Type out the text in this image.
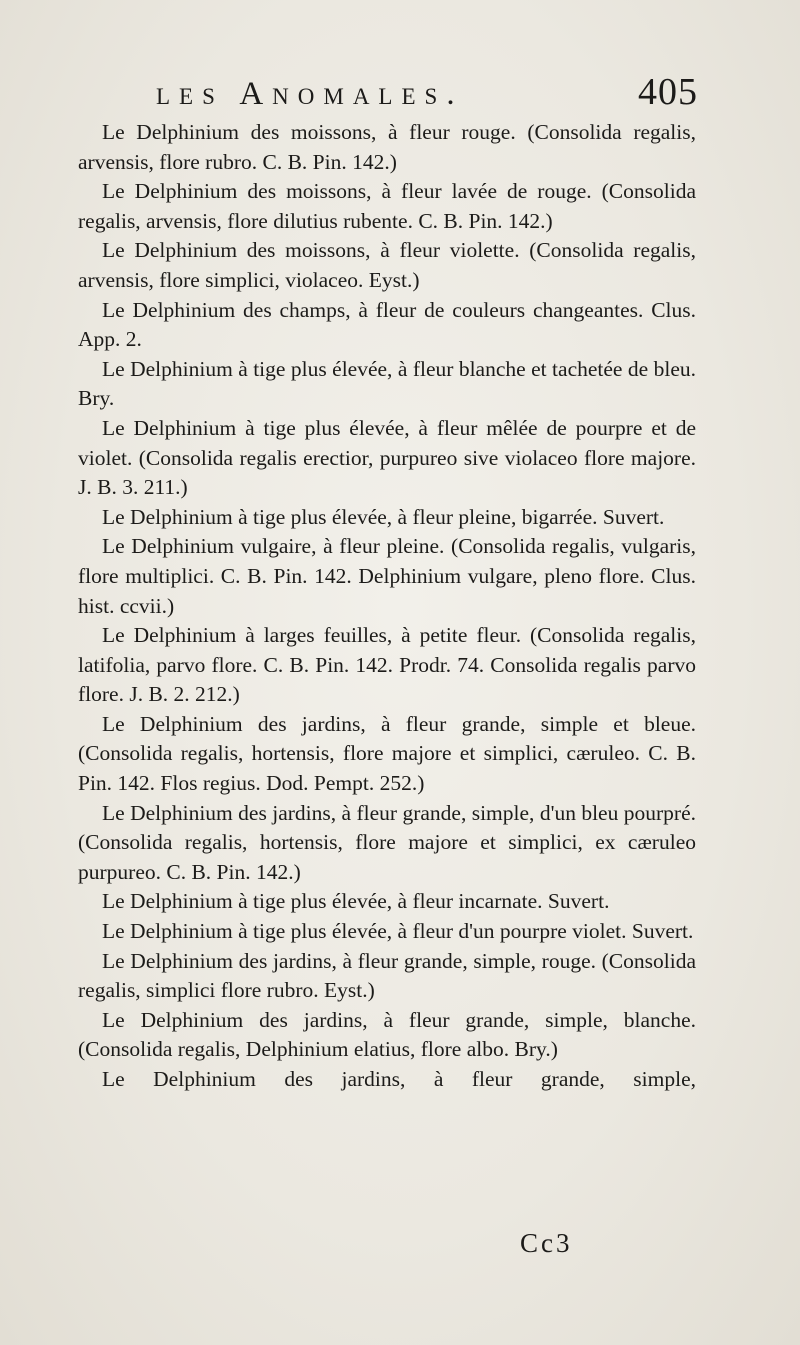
les Anomales.	405

Le Delphinium des moissons, à fleur rouge. (Consolida regalis, arvensis, flore rubro. C. B. Pin. 142.)

Le Delphinium des moissons, à fleur lavée de rouge. (Consolida regalis, arvensis, flore dilutius rubente. C. B. Pin. 142.)

Le Delphinium des moissons, à fleur violette. (Consolida regalis, arvensis, flore simplici, violaceo. Eyst.)

Le Delphinium des champs, à fleur de couleurs changeantes. Clus. App. 2.

Le Delphinium à tige plus élevée, à fleur blanche et tachetée de bleu. Bry.

Le Delphinium à tige plus élevée, à fleur mêlée de pourpre et de violet. (Consolida regalis erectior, purpureo sive violaceo flore majore. J. B. 3. 211.)

Le Delphinium à tige plus élevée, à fleur pleine, bigarrée. Suvert.

Le Delphinium vulgaire, à fleur pleine. (Consolida regalis, vulgaris, flore multiplici. C. B. Pin. 142. Delphinium vulgare, pleno flore. Clus. hist. ccvii.)

Le Delphinium à larges feuilles, à petite fleur. (Consolida regalis, latifolia, parvo flore. C. B. Pin. 142. Prodr. 74. Consolida regalis parvo flore. J. B. 2. 212.)

Le Delphinium des jardins, à fleur grande, simple et bleue. (Consolida regalis, hortensis, flore majore et simplici, cæruleo. C. B. Pin. 142. Flos regius. Dod. Pempt. 252.)

Le Delphinium des jardins, à fleur grande, simple, d'un bleu pourpré. (Consolida regalis, hortensis, flore majore et simplici, ex cæruleo purpureo. C. B. Pin. 142.)

Le Delphinium à tige plus élevée, à fleur incarnate. Suvert.

Le Delphinium à tige plus élevée, à fleur d'un pourpre violet. Suvert.

Le Delphinium des jardins, à fleur grande, simple, rouge. (Consolida regalis, simplici flore rubro. Eyst.)

Le Delphinium des jardins, à fleur grande, simple, blanche. (Consolida regalis, Delphinium elatius, flore albo. Bry.)

Le Delphinium des jardins, à fleur grande, simple,

Cc3
